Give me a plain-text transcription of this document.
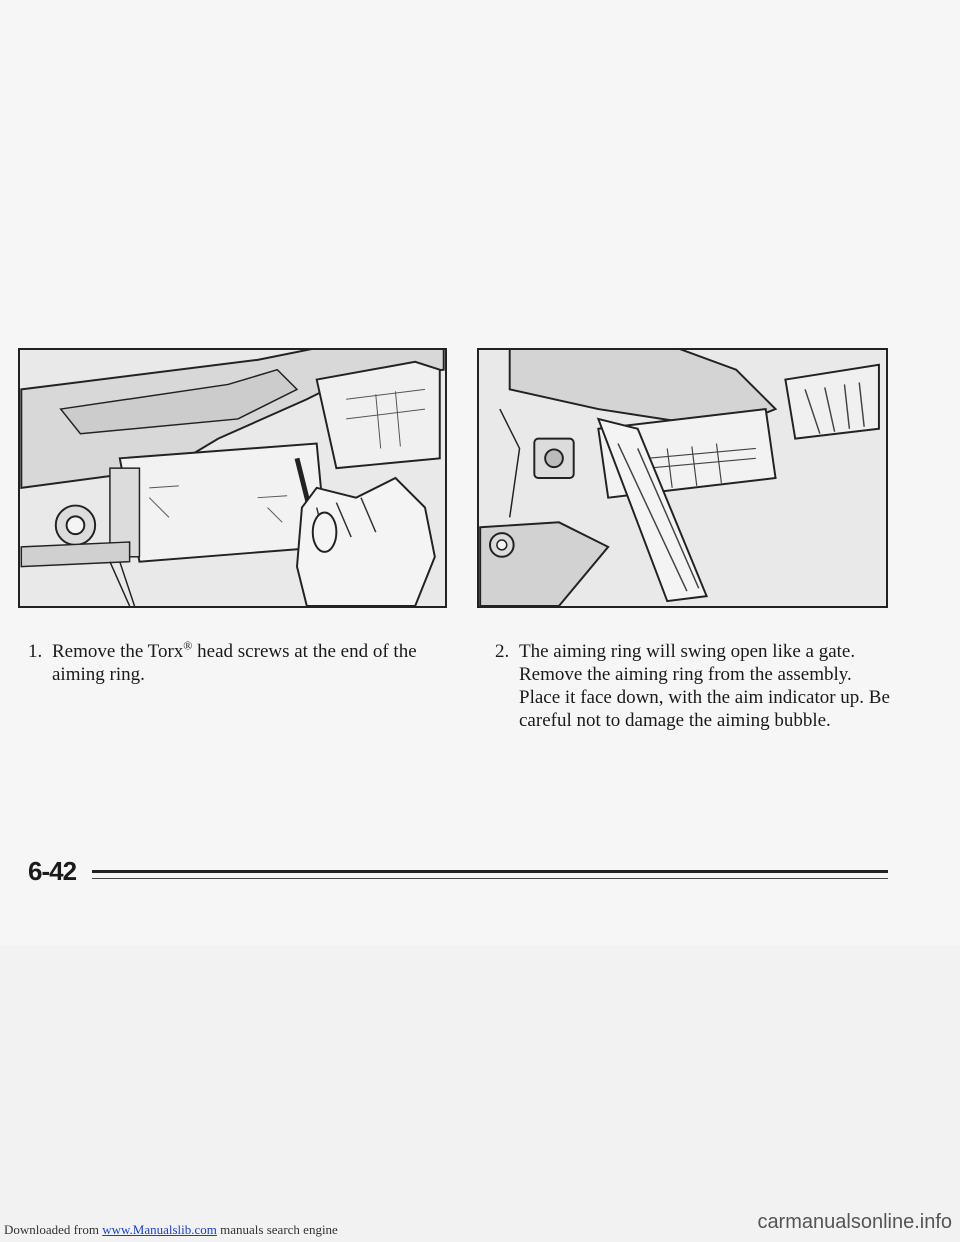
1. Remove the Torx® head screws at the end of the aiming ring.
2. The aiming ring will swing open like a gate. Remove the aiming ring from the assembly. Place it face down, with the aim indicator up. Be careful not to damage the aiming bubble.
6-42
Downloaded from www.Manualslib.com manuals search engine	carmanualsonline.info
